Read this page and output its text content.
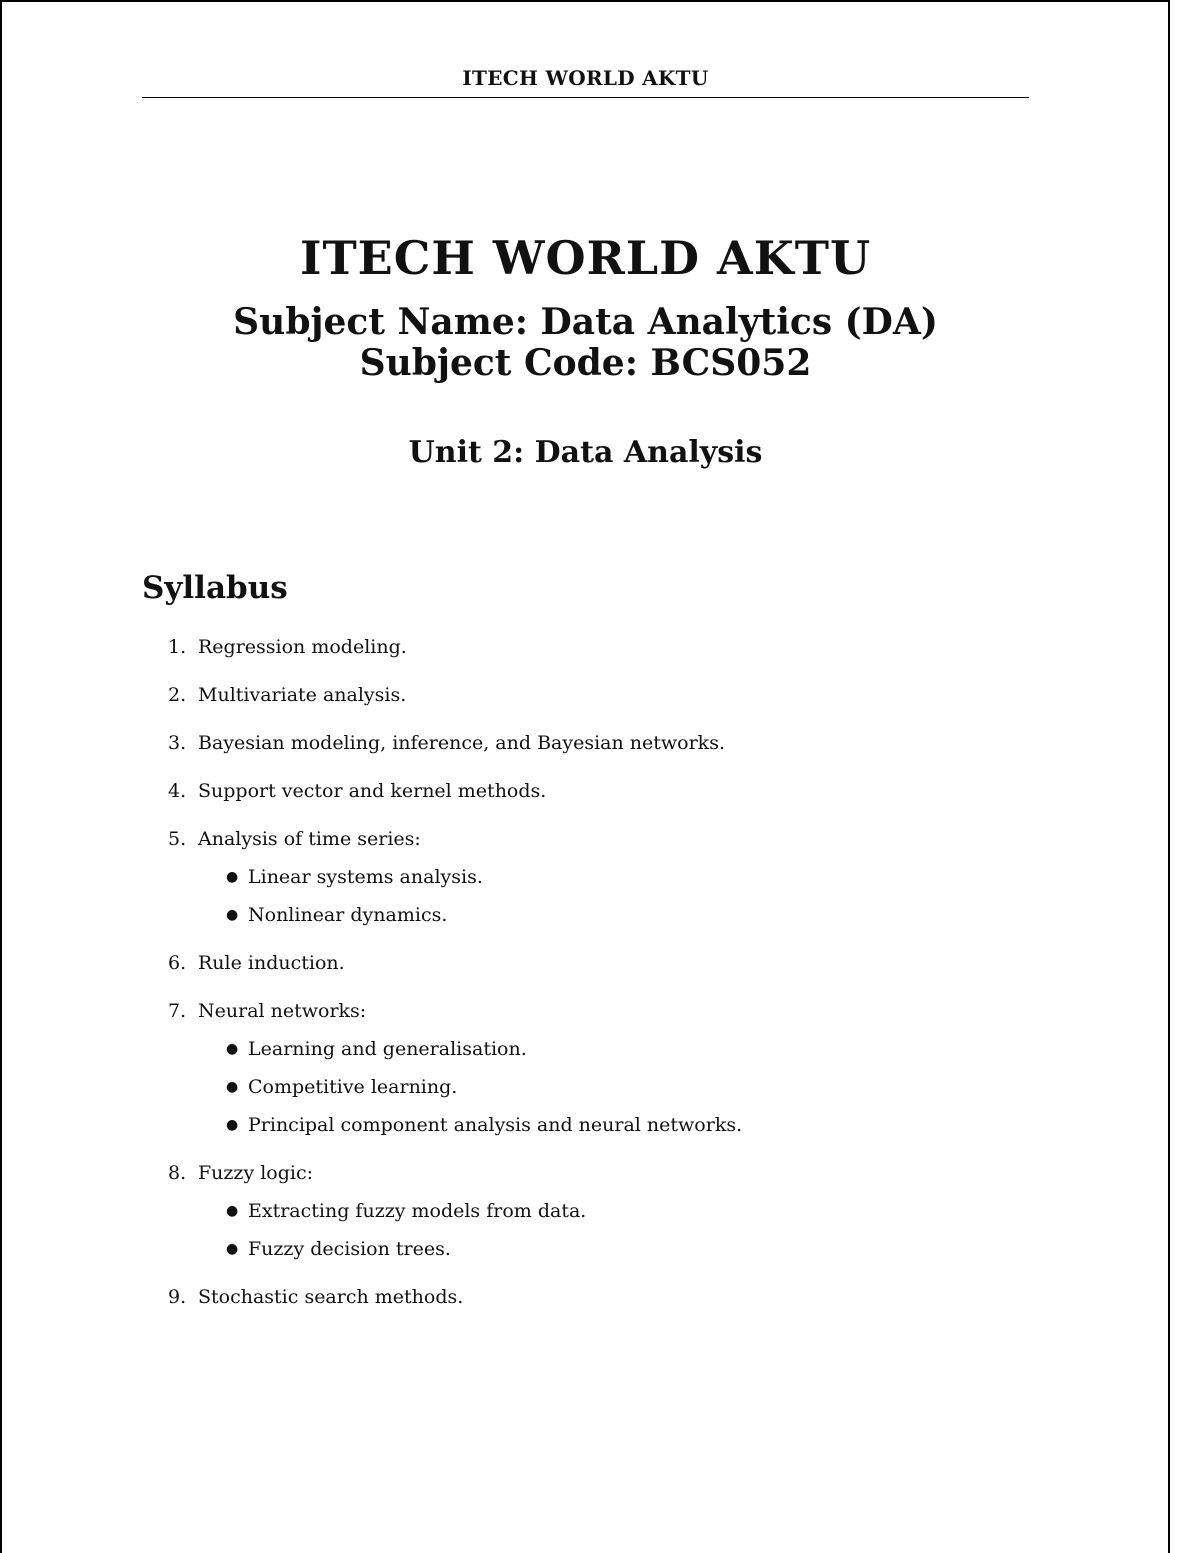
ITECH WORLD AKTU
ITECH WORLD AKTU
Subject Name: Data Analytics (DA)
Subject Code: BCS052
Unit 2: Data Analysis
Syllabus
1. Regression modeling.
2. Multivariate analysis.
3. Bayesian modeling, inference, and Bayesian networks.
4. Support vector and kernel methods.
5. Analysis of time series:
● Linear systems analysis.
● Nonlinear dynamics.
6. Rule induction.
7. Neural networks:
● Learning and generalisation.
● Competitive learning.
● Principal component analysis and neural networks.
8. Fuzzy logic:
● Extracting fuzzy models from data.
● Fuzzy decision trees.
9. Stochastic search methods.
